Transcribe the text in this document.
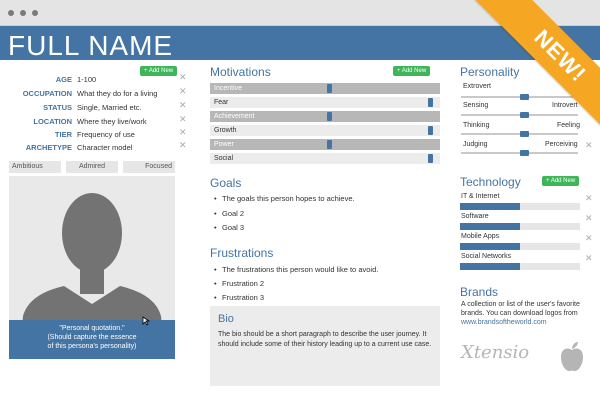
FULL NAME
AGE 1-100
OCCUPATION What they do for a living ✕
STATUS Single, Married etc.	✕
LOCATION Where they live/work	✕
TIER Frequency of use	✕
ARCHETYPE Character model	✕
+ Add New
✕
Ambitious	Admired	Focused
"Personal quotation."
(Should capture the essence
of this persona's personality)
Motivations	+ Add New
Incentive
Fear
Achievement
Growth
Power
Social
Goals
• The goals this person hopes to achieve.
• Goal 2
• Goal 3
Frustrations
• The frustrations this person would like to avoid.
• Frustration 2
• Frustration 3
Bio
The bio should be a short paragraph to describe the user journey. It should include some of their history leading up to a current use case.
Personality
Extrovert
Introvert
Sensing
Thinking	Feeling
Judging	Perceiving ✕
Technology	+ Add New
IT & Internet	✕
Software	✕
Mobile Apps	✕
Social Networks	✕
Brands
A collection or list of the user's favorite brands. You can download logos from www.brandsoftheworld.com
Xtensio
NEW!
